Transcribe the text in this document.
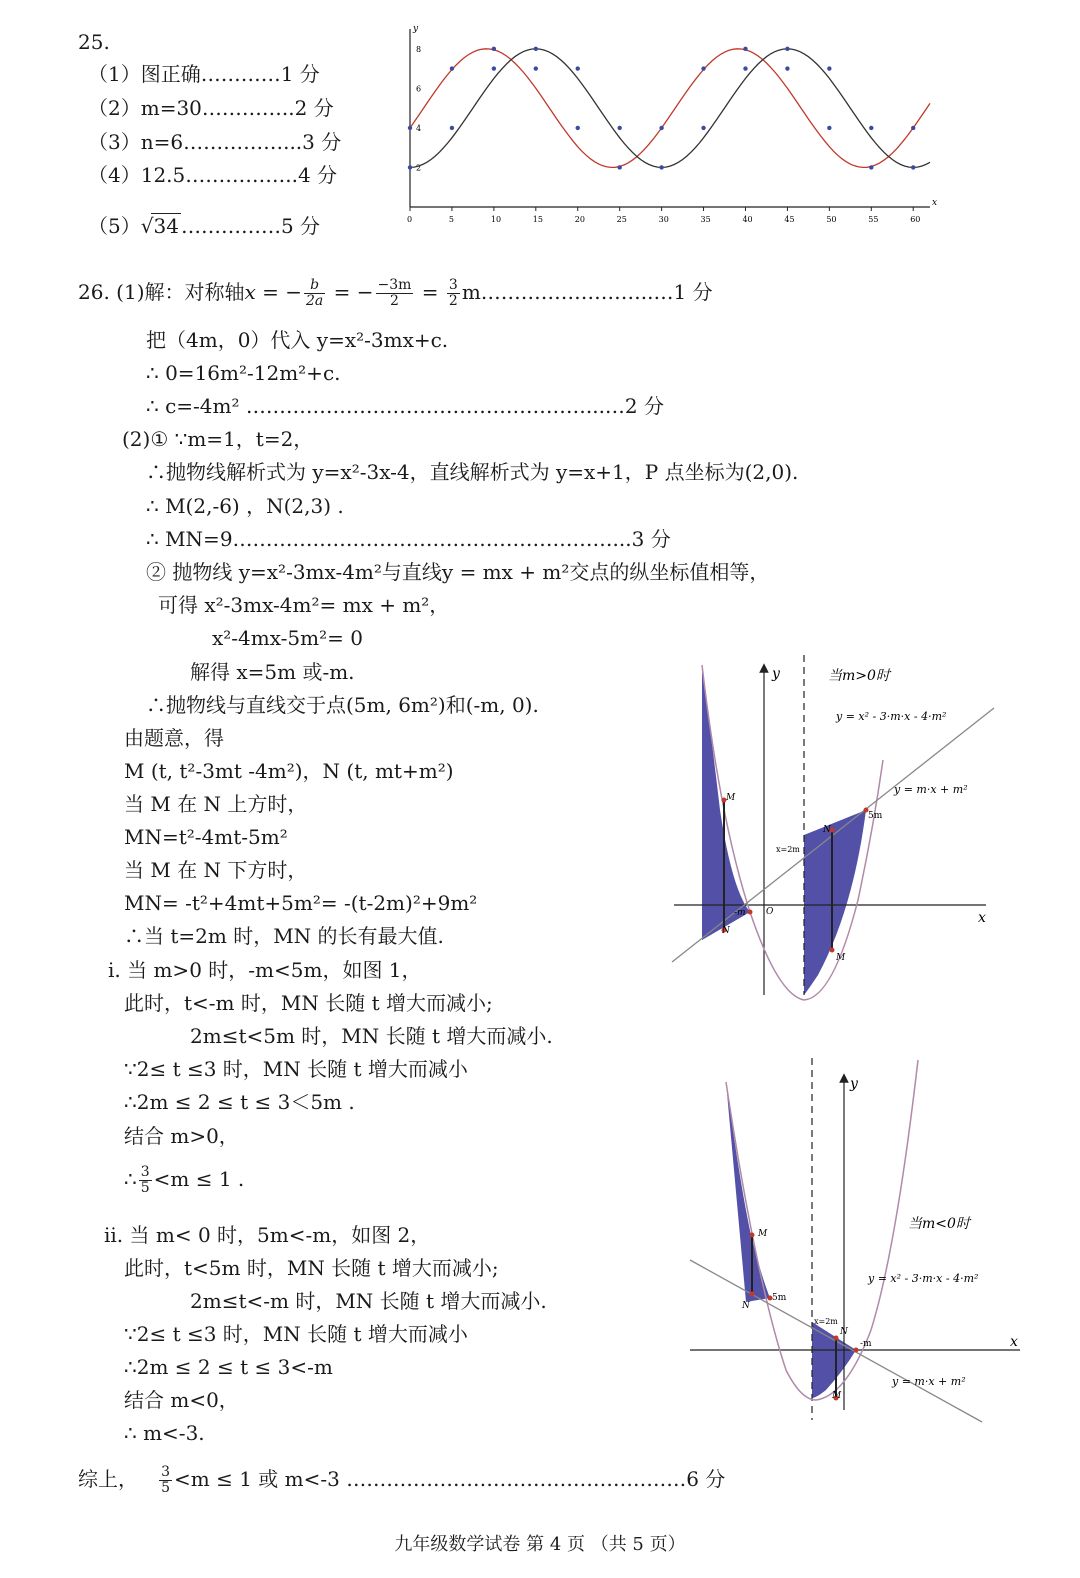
25.
（1）图正确…………1 分
（2）m=30…………..2 分
（3）n=6……………...3 分
（4）12.5……………..4 分
（5）√34 ……………5 分	0	5	10	15	20	25	30	35	40	45	50	55	60
2
4
6
8
x
y
26. (1)解：对称轴x = − $\frac{b}{2a}$ = − $\frac{-3m}{2} = \frac{3}{2}$ m……………………..…1 分
把（4m，0）代入 y=x²-3mx+c.
∴ 0=16m²-12m²+c.
∴ c=-4m² ……………………………………………...…2 分
(2)① ∵m=1，t=2，
∴抛物线解析式为 y=x²-3x-4，直线解析式为 y=x+1，P 点坐标为(2,0).
∴ M(2,-6) ，N(2,3) .
∴ MN=9…………………………………………………...3 分
② 抛物线 y=x²-3mx-4m²与直线y = mx + m²交点的纵坐标值相等，
可得 x²-3mx-4m²= mx + m²，
x²-4mx-5m²= 0
解得 x=5m 或-m.
∴抛物线与直线交于点(5m, 6m²)和(-m, 0).
由题意，得
M (t, t²-3mt -4m²)，N (t, mt+m²)
当 M 在 N 上方时，
MN=t²-4mt-5m²
当 M 在 N 下方时，
MN= -t²+4mt+5m²= -(t-2m)²+9m²
∴当 t=2m 时，MN 的长有最大值.
i. 当 m>0 时，-m<5m，如图 1，
此时，t<-m 时，MN 长随 t 增大而减小;
2m≤t<5m 时，MN 长随 t 增大而减小.
∵2≤ t ≤3 时，MN 长随 t 增大而减小
∴2m ≤ 2 ≤ t ≤ 3＜5m .
结合 m>0，
∴ $\frac{3}{5} <m \le 1$ .
ii. 当 m< 0 时，5m<-m，如图 2，
此时，t<5m 时，MN 长随 t 增大而减小;
2m≤t<-m 时，MN 长随 t 增大而减小.
∵2≤ t ≤3 时，MN 长随 t 增大而减小
∴2m ≤ 2 ≤ t ≤ 3<-m
结合 m<0，
∴ m<-3.
综上， $\frac{3}{5} <m \le 1$ 或 m<-3 ……………………………………………6 分
当m>0时
y = x² - 3·m·x - 4·m²
y = m·x + m²
M
N
-m O
x=2m
N
M
5m
x
y
当m<0时
y = x² - 3·m·x - 4·m²
y = m·x + m²
M
N
5m
x=2m
N
M
-m	x
y
九年级数学试卷 第 4 页 （共 5 页）
